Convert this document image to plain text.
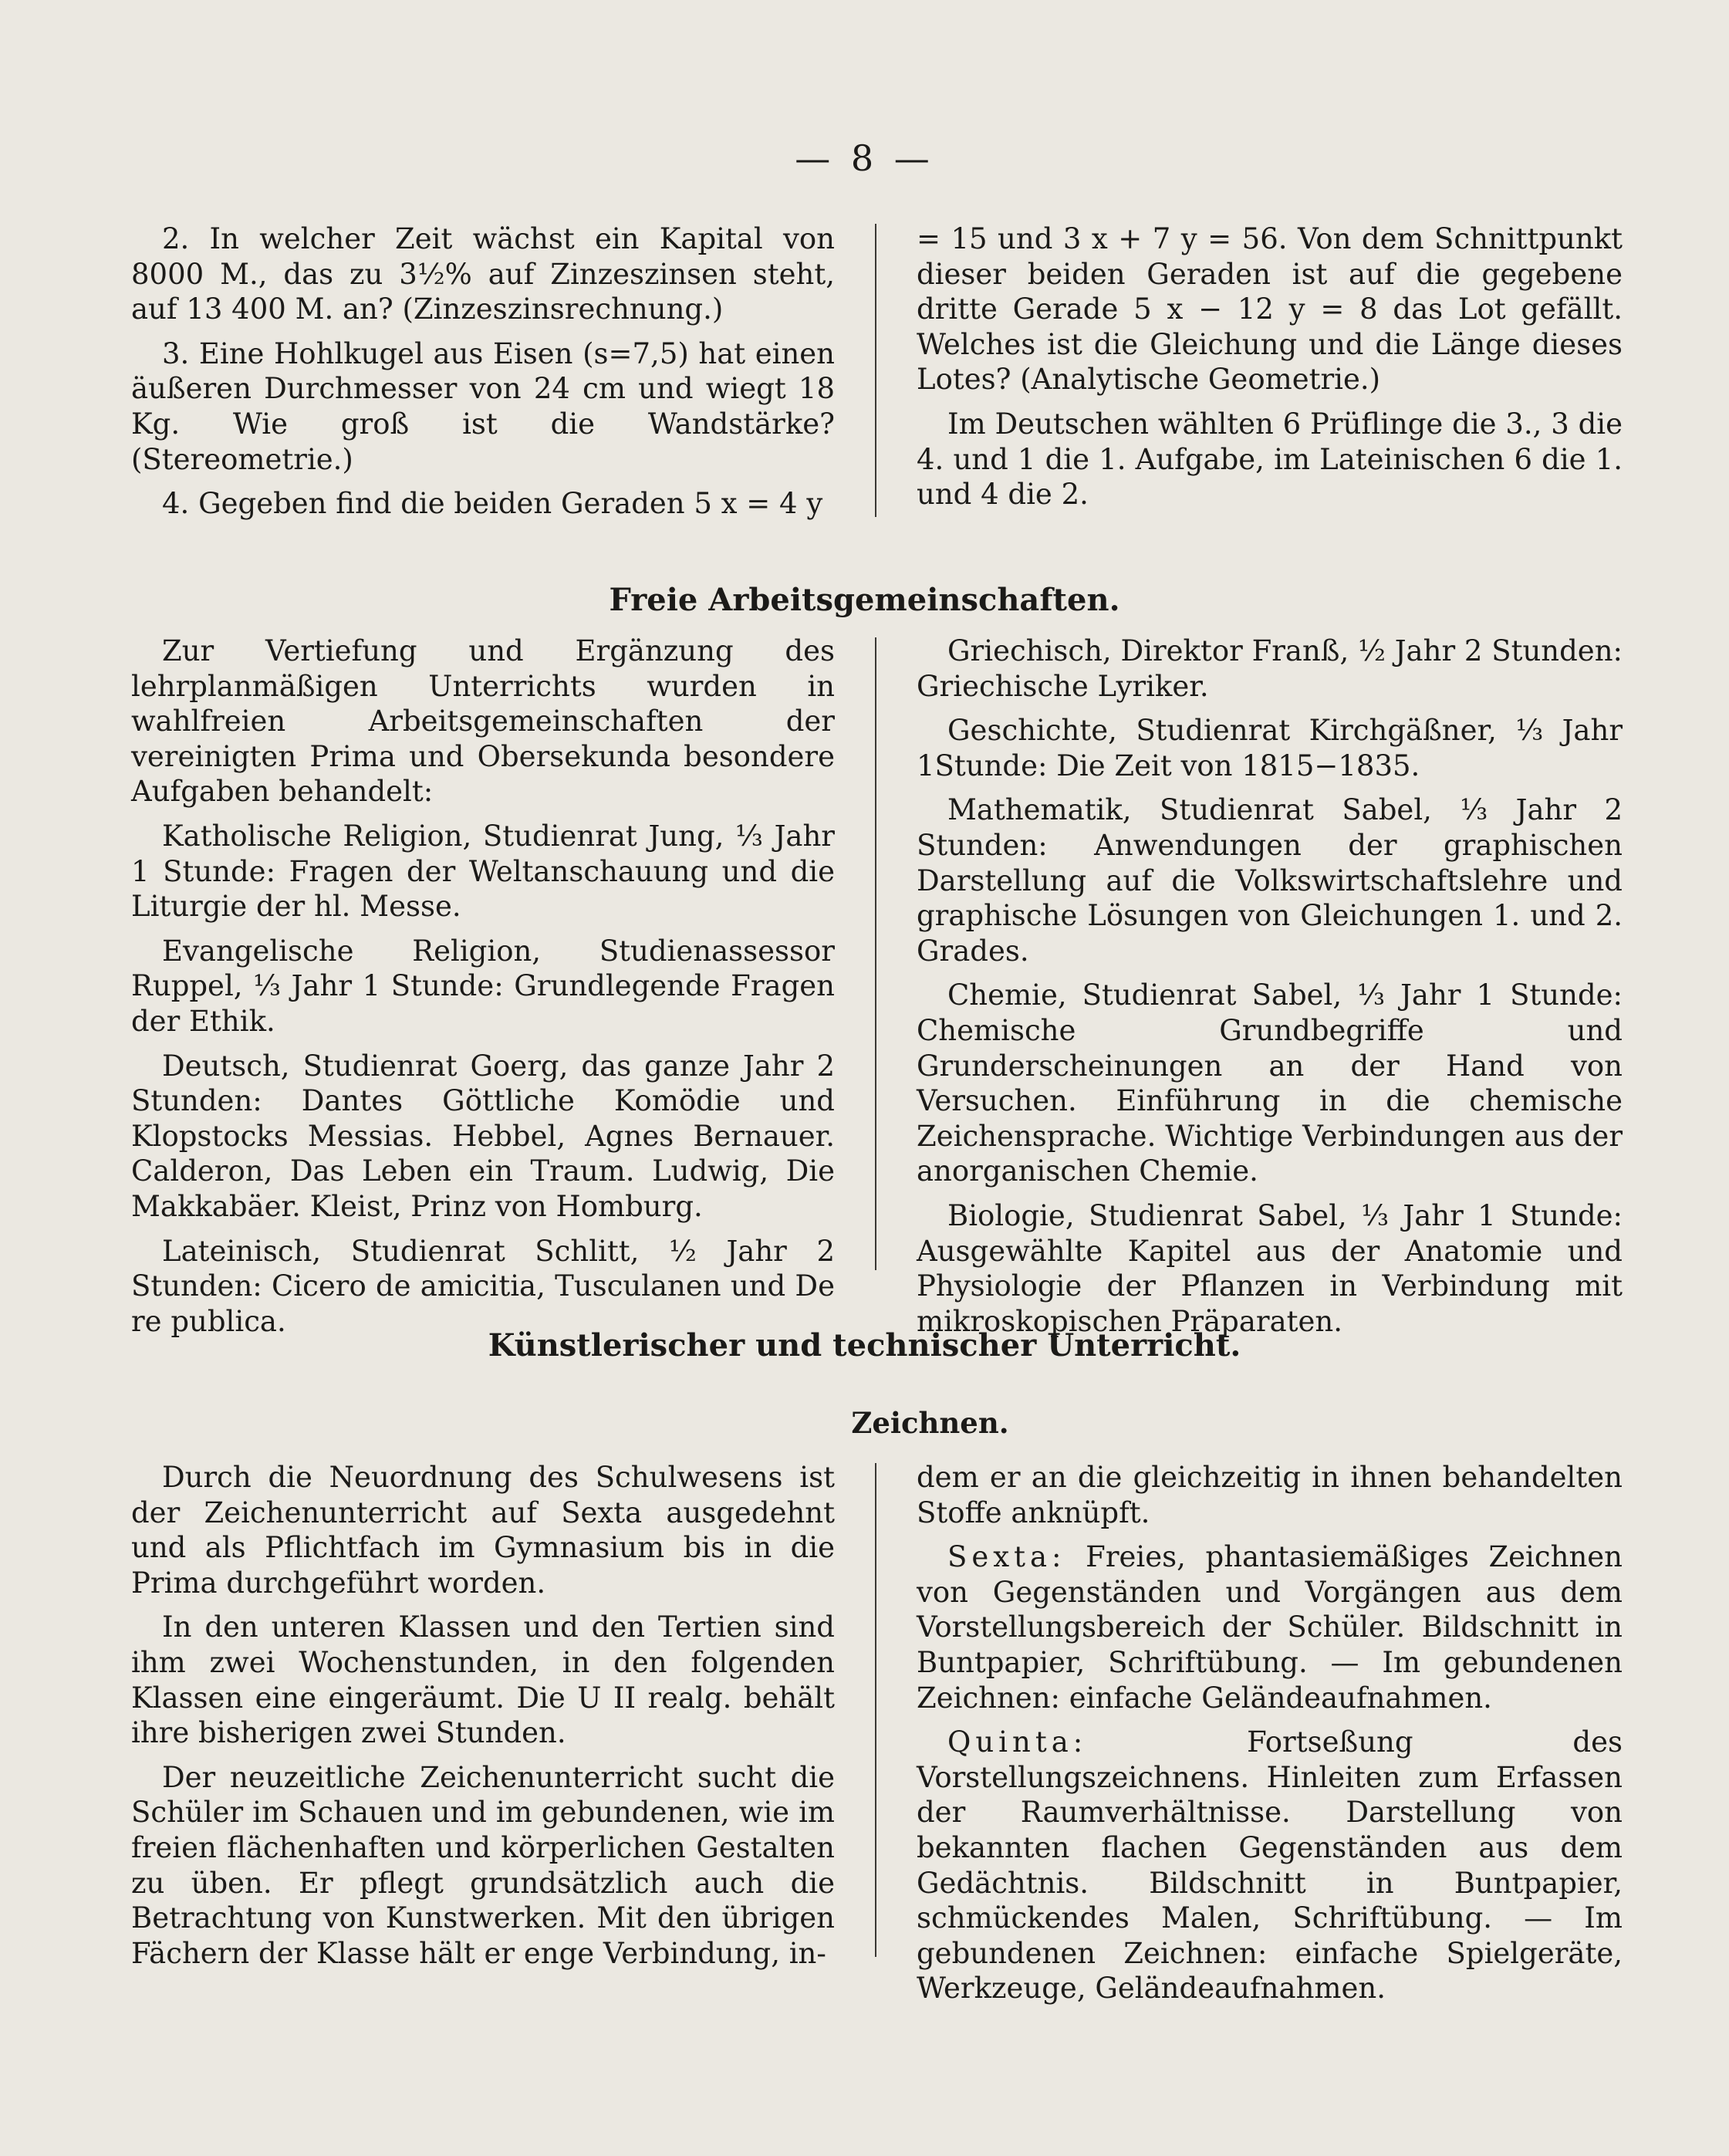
— 8 —

2. In welcher Zeit wächst ein Kapital von 8000 M., das zu 3½% auf Zinzeszinsen steht, auf 13 400 M. an? (Zinzeszinsrechnung.)

3. Eine Hohlkugel aus Eisen (s=7,5) hat einen äußeren Durchmesser von 24 cm und wiegt 18 Kg. Wie groß ist die Wandstärke? (Stereometrie.)

4. Gegeben find die beiden Geraden 5 x = 4 y

= 15 und 3 x + 7 y = 56. Von dem Schnittpunkt dieser beiden Geraden ist auf die gegebene dritte Gerade 5 x − 12 y = 8 das Lot gefällt. Welches ist die Gleichung und die Länge dieses Lotes? (Analytische Geometrie.)

Im Deutschen wählten 6 Prüflinge die 3., 3 die 4. und 1 die 1. Aufgabe, im Lateinischen 6 die 1. und 4 die 2.

Freie Arbeitsgemeinschaften.

Zur Vertiefung und Ergänzung des lehrplanmäßigen Unterrichts wurden in wahlfreien Arbeitsgemeinschaften der vereinigten Prima und Obersekunda besondere Aufgaben behandelt:

Katholische Religion, Studienrat Jung, ⅓ Jahr 1 Stunde: Fragen der Weltanschauung und die Liturgie der hl. Messe.

Evangelische Religion, Studienassessor Ruppel, ⅓ Jahr 1 Stunde: Grundlegende Fragen der Ethik.

Deutsch, Studienrat Goerg, das ganze Jahr 2 Stunden: Dantes Göttliche Komödie und Klopstocks Messias. Hebbel, Agnes Bernauer. Calderon, Das Leben ein Traum. Ludwig, Die Makkabäer. Kleist, Prinz von Homburg.

Lateinisch, Studienrat Schlitt, ½ Jahr 2 Stunden: Cicero de amicitia, Tusculanen und De re publica.

Griechisch, Direktor Franß, ½ Jahr 2 Stunden: Griechische Lyriker.

Geschichte, Studienrat Kirchgäßner, ⅓ Jahr 1Stunde: Die Zeit von 1815−1835.

Mathematik, Studienrat Sabel, ⅓ Jahr 2 Stunden: Anwendungen der graphischen Darstellung auf die Volkswirtschaftslehre und graphische Lösungen von Gleichungen 1. und 2. Grades.

Chemie, Studienrat Sabel, ⅓ Jahr 1 Stunde: Chemische Grundbegriffe und Grunderscheinungen an der Hand von Versuchen. Einführung in die chemische Zeichensprache. Wichtige Verbindungen aus der anorganischen Chemie.

Biologie, Studienrat Sabel, ⅓ Jahr 1 Stunde: Ausgewählte Kapitel aus der Anatomie und Physiologie der Pflanzen in Verbindung mit mikroskopischen Präparaten.

Künstlerischer und technischer Unterricht.
Zeichnen.

Durch die Neuordnung des Schulwesens ist der Zeichenunterricht auf Sexta ausgedehnt und als Pflichtfach im Gymnasium bis in die Prima durchgeführt worden.

In den unteren Klassen und den Tertien sind ihm zwei Wochenstunden, in den folgenden Klassen eine eingeräumt. Die U II realg. behält ihre bisherigen zwei Stunden.

Der neuzeitliche Zeichenunterricht sucht die Schüler im Schauen und im gebundenen, wie im freien flächenhaften und körperlichen Gestalten zu üben. Er pflegt grundsätzlich auch die Betrachtung von Kunstwerken. Mit den übrigen Fächern der Klasse hält er enge Verbindung, in-

dem er an die gleichzeitig in ihnen behandelten Stoffe anknüpft.

Sexta: Freies, phantasiemäßiges Zeichnen von Gegenständen und Vorgängen aus dem Vorstellungsbereich der Schüler. Bildschnitt in Buntpapier, Schriftübung. — Im gebundenen Zeichnen: einfache Geländeaufnahmen.

Quinta: Fortseßung des Vorstellungszeichnens. Hinleiten zum Erfassen der Raumverhältnisse. Darstellung von bekannten flachen Gegenständen aus dem Gedächtnis. Bildschnitt in Buntpapier, schmückendes Malen, Schriftübung. — Im gebundenen Zeichnen: einfache Spielgeräte, Werkzeuge, Geländeaufnahmen.
